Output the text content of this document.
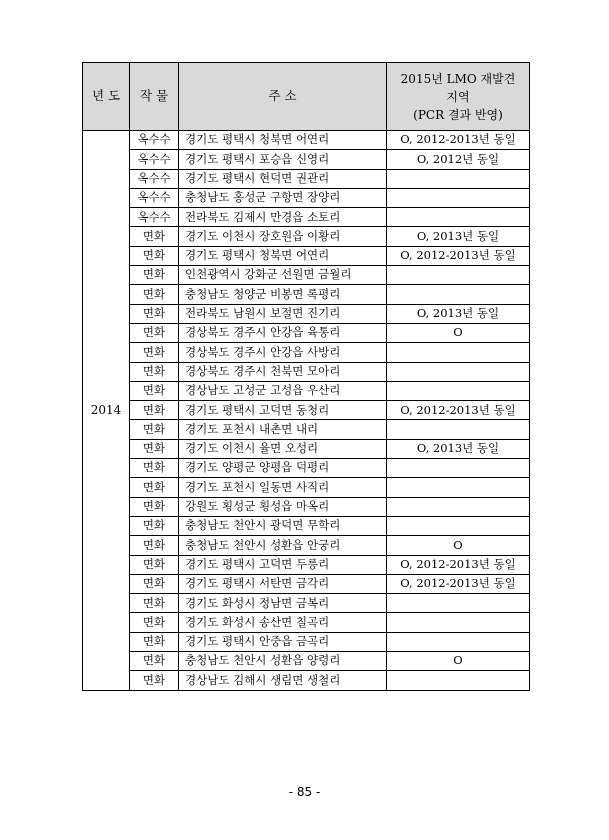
년 도	작 물	주 소	2015년 LMO 재발견
지역
(PCR 결과 반영)

2014	옥수수	경기도 평택시 청북면 어연리	O, 2012-2013년 동일
	옥수수	경기도 평택시 포승읍 신영리	O, 2012년 동일
	옥수수	경기도 평택시 현덕면 권관리	
	옥수수	충청남도 홍성군 구항면 장양리	
	옥수수	전라북도 김제시 만경읍 소토리	
	면화	경기도 이천시 장호원읍 이황리	O, 2013년 동일
	면화	경기도 평택시 청북면 어연리	O, 2012-2013년 동일
	면화	인천광역시 강화군 선원면 금월리	
	면화	충청남도 청양군 비봉면 록평리	
	면화	전라북도 남원시 보절면 진기리	O, 2013년 동일
	면화	경상북도 경주시 안강읍 육통리	O
	면화	경상북도 경주시 안강읍 사방리	
	면화	경상북도 경주시 천북면 모아리	
	면화	경상남도 고성군 고성읍 우산리	
	면화	경기도 평택시 고덕면 동청리	O, 2012-2013년 동일
	면화	경기도 포천시 내촌면 내리	
	면화	경기도 이천시 율면 오성리	O, 2013년 동일
	면화	경기도 양평군 양평읍 덕평리	
	면화	경기도 포천시 일동면 사직리	
	면화	강원도 횡성군 횡성읍 마옥리	
	면화	충청남도 천안시 광덕면 무학리	
	면화	충청남도 천안시 성환읍 안궁리	O
	면화	경기도 평택시 고덕면 두릉리	O, 2012-2013년 동일
	면화	경기도 평택시 서탄면 금각리	O, 2012-2013년 동일
	면화	경기도 화성시 정남면 금복리	
	면화	경기도 화성시 송산면 칠곡리	
	면화	경기도 평택시 안중읍 금곡리	
	면화	충청남도 천안시 성환읍 양령리	O
	면화	경상남도 김해시 생림면 생철리	
- 85 -
